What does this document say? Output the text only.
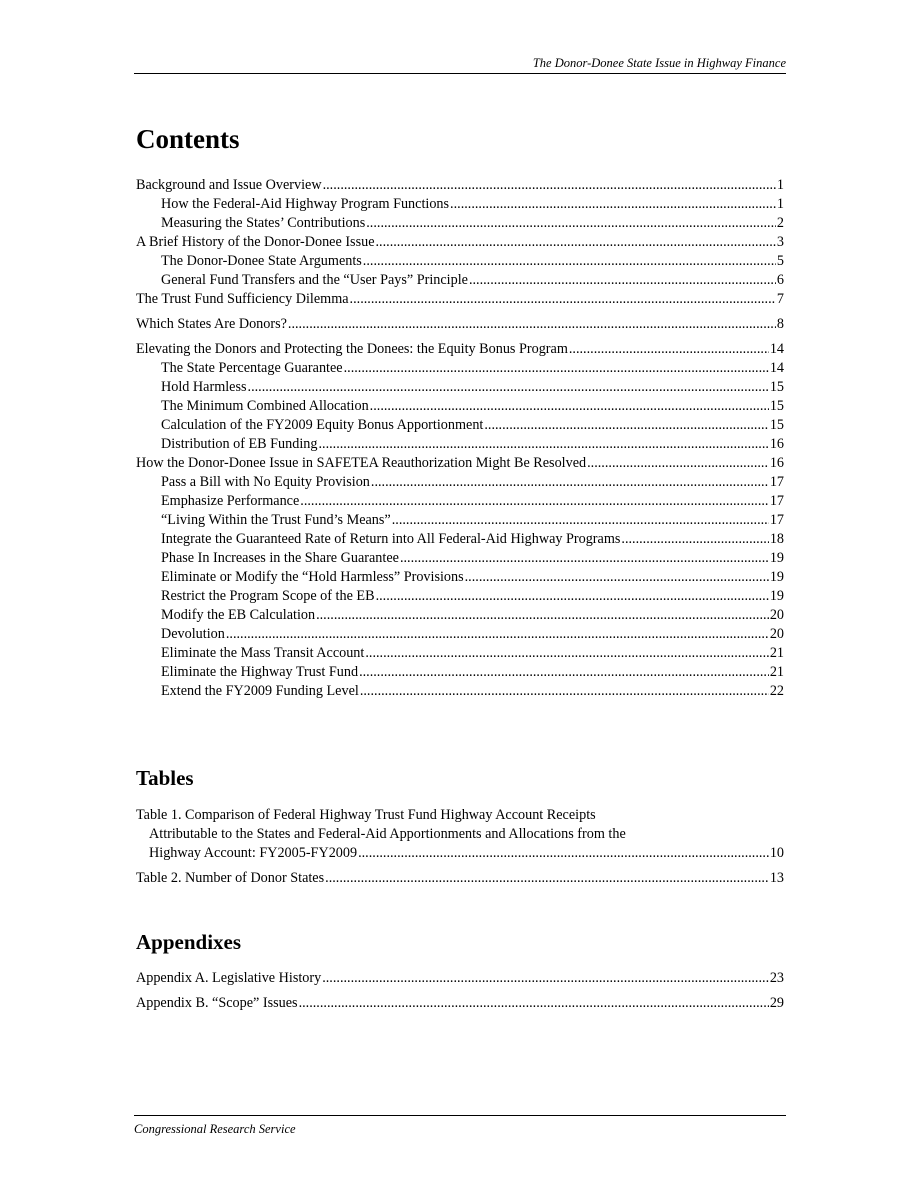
The Donor-Donee State Issue in Highway Finance
Contents
Background and Issue Overview .....	1
How the Federal-Aid Highway Program Functions .....	1
Measuring the States’ Contributions .....	2
A Brief History of the Donor-Donee Issue .....	3
The Donor-Donee State Arguments .....	5
General Fund Transfers and the “User Pays” Principle .....	6
The Trust Fund Sufficiency Dilemma .....	7
Which States Are Donors? .....	8
Elevating the Donors and Protecting the Donees: the Equity Bonus Program .....	14
The State Percentage Guarantee .....	14
Hold Harmless .....	15
The Minimum Combined Allocation .....	15
Calculation of the FY2009 Equity Bonus Apportionment .....	15
Distribution of EB Funding .....	16
How the Donor-Donee Issue in SAFETEA Reauthorization Might Be Resolved .....	16
Pass a Bill with No Equity Provision .....	17
Emphasize Performance .....	17
“Living Within the Trust Fund’s Means” .....	17
Integrate the Guaranteed Rate of Return into All Federal-Aid Highway Programs .....	18
Phase In Increases in the Share Guarantee .....	19
Eliminate or Modify the “Hold Harmless” Provisions .....	19
Restrict the Program Scope of the EB .....	19
Modify the EB Calculation .....	20
Devolution .....	20
Eliminate the Mass Transit Account .....	21
Eliminate the Highway Trust Fund .....	21
Extend the FY2009 Funding Level .....	22
Tables
Table 1. Comparison of Federal Highway Trust Fund Highway Account Receipts
Attributable to the States and Federal-Aid Apportionments and Allocations from the
Highway Account: FY2005-FY2009 .....	10
Table 2. Number of Donor States .....	13
Appendixes
Appendix A. Legislative History .....	23
Appendix B. “Scope” Issues .....	29
Congressional Research Service
